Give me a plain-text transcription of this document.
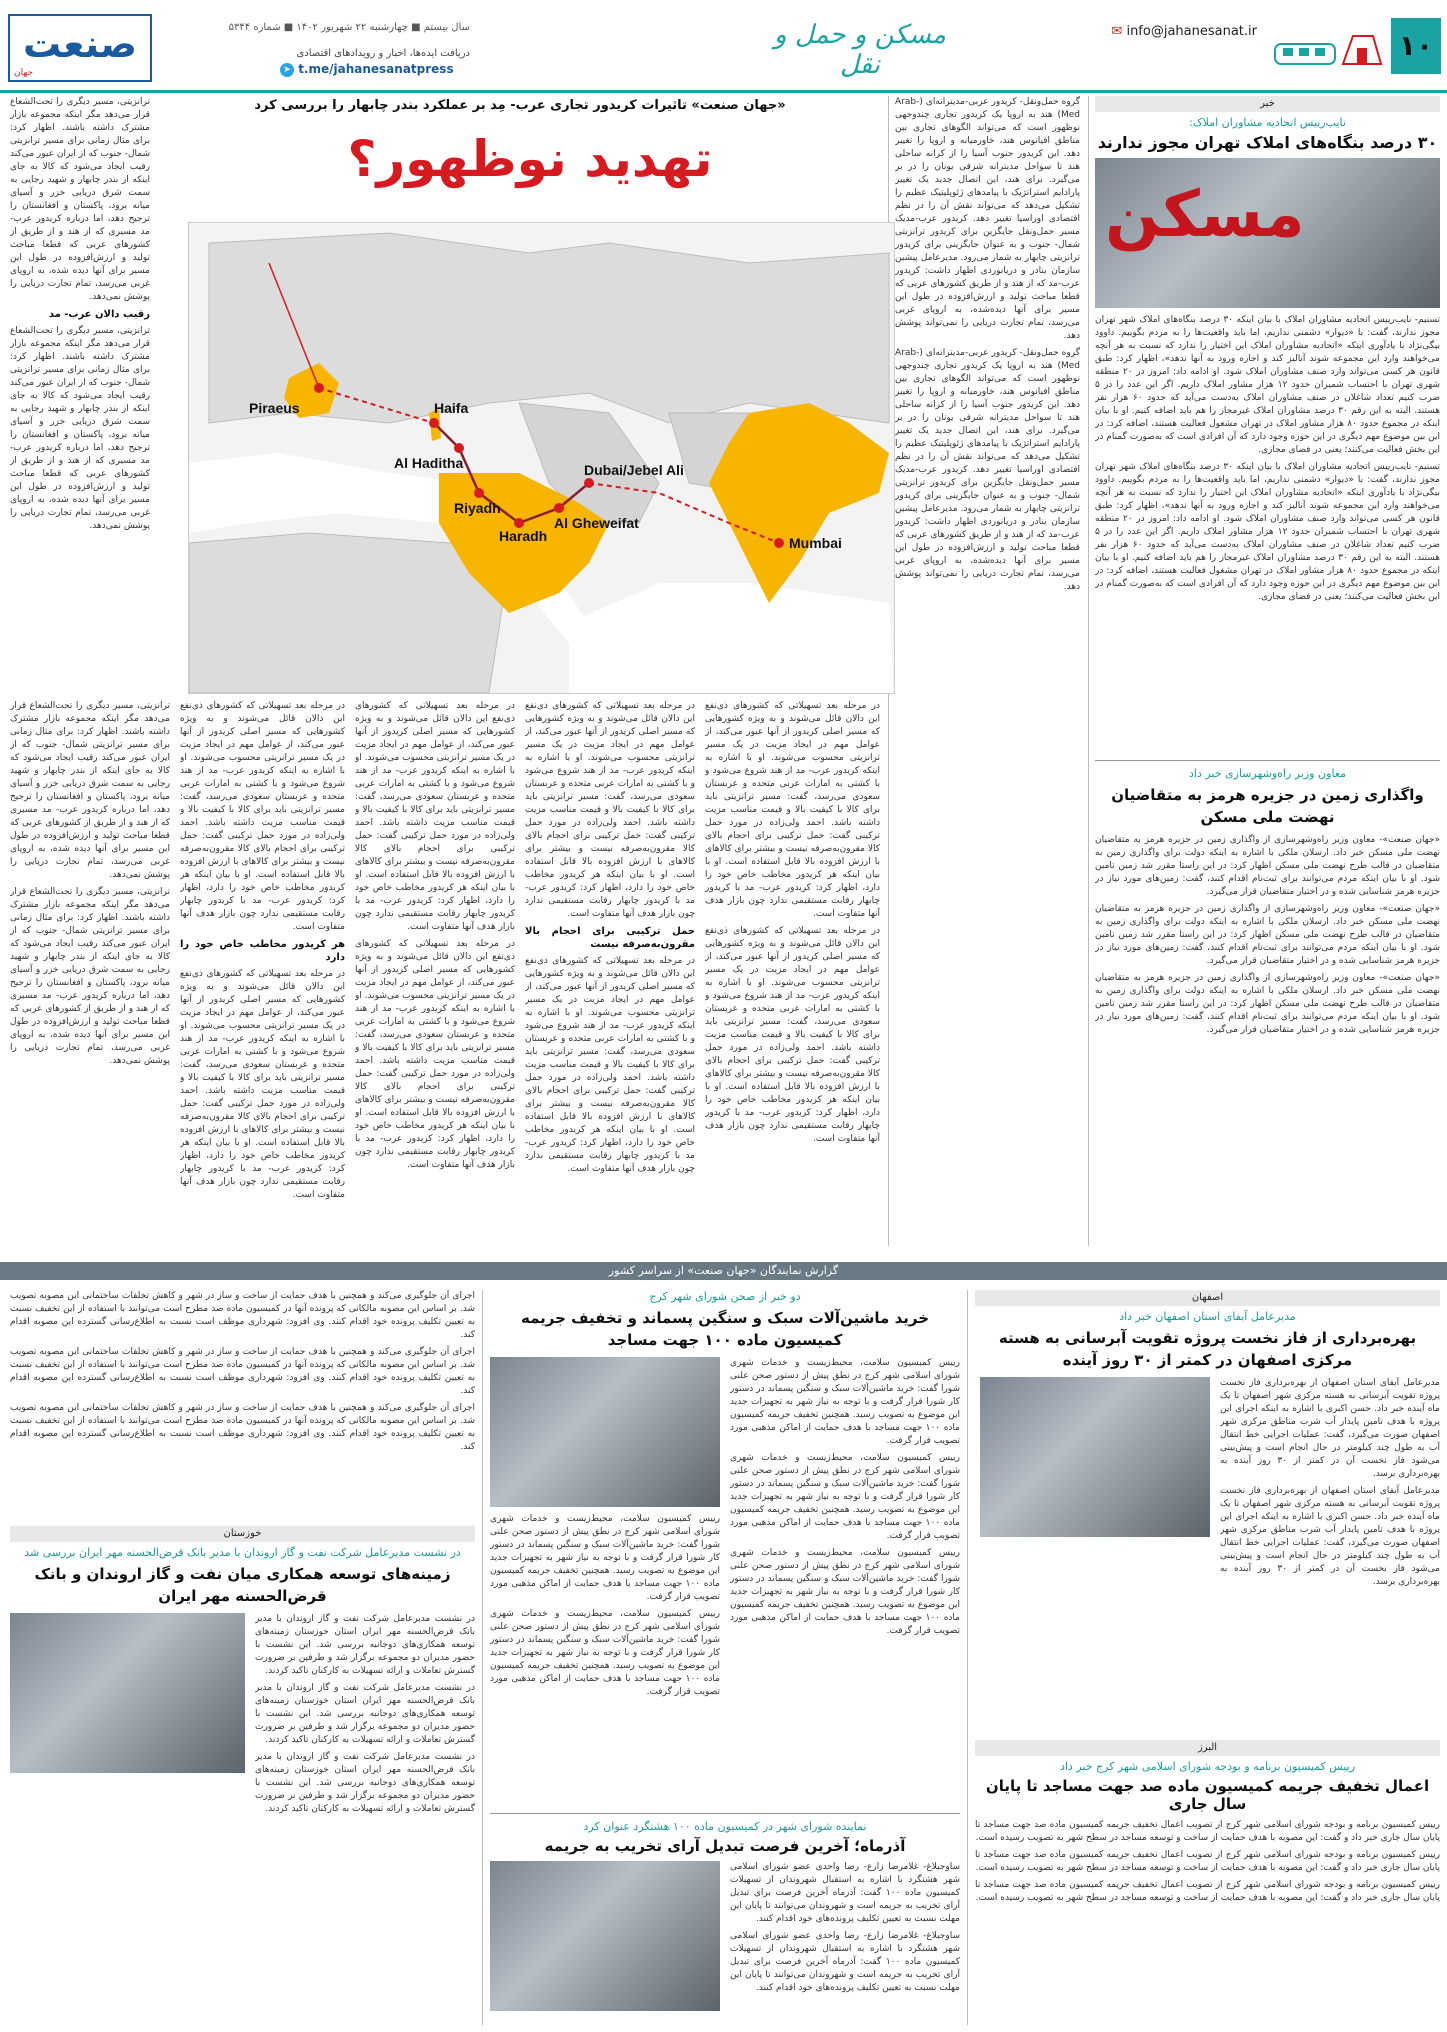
۱۰
✉ info@jahanesanat.ir
مسکن و حمل و نقل
صنعت
جهان
سال بیستم ■ چهارشنبه ۲۲ شهریور ۱۴۰۲ ■ شماره ۵۳۴۴
دریافت ایده‌ها، اخبار و رویدادهای اقتصادی
➤ t.me/jahanesanatpress
خبر
نایب‌رییس اتحادیه مشاوران املاک:
۳۰ درصد بنگاه‌های املاک تهران مجوز ندارند
مسکن

تسنیم- نایب‌رییس اتحادیه مشاوران املاک با بیان اینکه ۳۰ درصد بنگاه‌های املاک شهر تهران مجوز ندارند، گفت: با «دیوار» دشمنی نداریم، اما باید واقعیت‌ها را به مردم بگوییم. داوود بیگی‌نژاد با یادآوری اینکه «اتحادیه مشاوران املاک این اختیار را ندارد که نسبت به هر آنچه می‌خواهند وارد این مجموعه شوند آنالیز کند و اجازه ورود به آنها ندهد»، اظهار کرد: طبق قانون هر کسی می‌تواند وارد صنف مشاوران املاک شود. او ادامه داد: امروز در ۲۰ منطقه شهری تهران با احتساب شمیران حدود ۱۲ هزار مشاور املاک داریم. اگر این عدد را در ۵ ضرب کنیم تعداد شاغلان در صنف مشاوران املاک به‌دست می‌آید که حدود ۶۰ هزار نفر هستند. البته به این رقم ۳۰ درصد مشاوران املاک غیرمجاز را هم باید اضافه کنیم. او با بیان اینکه در مجموع حدود ۸۰ هزار مشاور املاک در تهران مشغول فعالیت هستند، اضافه کرد: در این بین موضوع مهم دیگری در این حوزه وجود دارد که آن افرادی است که به‌صورت گمنام در این بخش فعالیت می‌کنند؛ یعنی در فضای مجازی.

تسنیم- نایب‌رییس اتحادیه مشاوران املاک با بیان اینکه ۳۰ درصد بنگاه‌های املاک شهر تهران مجوز ندارند، گفت: با «دیوار» دشمنی نداریم، اما باید واقعیت‌ها را به مردم بگوییم. داوود بیگی‌نژاد با یادآوری اینکه «اتحادیه مشاوران املاک این اختیار را ندارد که نسبت به هر آنچه می‌خواهند وارد این مجموعه شوند آنالیز کند و اجازه ورود به آنها ندهد»، اظهار کرد: طبق قانون هر کسی می‌تواند وارد صنف مشاوران املاک شود. او ادامه داد: امروز در ۲۰ منطقه شهری تهران با احتساب شمیران حدود ۱۲ هزار مشاور املاک داریم. اگر این عدد را در ۵ ضرب کنیم تعداد شاغلان در صنف مشاوران املاک به‌دست می‌آید که حدود ۶۰ هزار نفر هستند. البته به این رقم ۳۰ درصد مشاوران املاک غیرمجاز را هم باید اضافه کنیم. او با بیان اینکه در مجموع حدود ۸۰ هزار مشاور املاک در تهران مشغول فعالیت هستند، اضافه کرد: در این بین موضوع مهم دیگری در این حوزه وجود دارد که آن افرادی است که به‌صورت گمنام در این بخش فعالیت می‌کنند؛ یعنی در فضای مجازی.

معاون وزیر راه‌وشهرسازی خبر داد
واگذاری زمین در جزیره هرمز به متقاضیان نهضت ملی مسکن

«جهان صنعت»- معاون وزیر راه‌وشهرسازی از واگذاری زمین در جزیره هرمز به متقاضیان نهضت ملی مسکن خبر داد. ارسلان ملکی با اشاره به اینکه دولت برای واگذاری زمین به متقاضیان در قالب طرح نهضت ملی مسکن اظهار کرد: در این راستا مقرر شد زمین تامین شود. او با بیان اینکه مردم می‌توانند برای ثبت‌نام اقدام کنند، گفت: زمین‌های مورد نیاز در جزیره هرمز شناسایی شده و در اختیار متقاضیان قرار می‌گیرد.

«جهان صنعت»- معاون وزیر راه‌وشهرسازی از واگذاری زمین در جزیره هرمز به متقاضیان نهضت ملی مسکن خبر داد. ارسلان ملکی با اشاره به اینکه دولت برای واگذاری زمین به متقاضیان در قالب طرح نهضت ملی مسکن اظهار کرد: در این راستا مقرر شد زمین تامین شود. او با بیان اینکه مردم می‌توانند برای ثبت‌نام اقدام کنند، گفت: زمین‌های مورد نیاز در جزیره هرمز شناسایی شده و در اختیار متقاضیان قرار می‌گیرد.

«جهان صنعت»- معاون وزیر راه‌وشهرسازی از واگذاری زمین در جزیره هرمز به متقاضیان نهضت ملی مسکن خبر داد. ارسلان ملکی با اشاره به اینکه دولت برای واگذاری زمین به متقاضیان در قالب طرح نهضت ملی مسکن اظهار کرد: در این راستا مقرر شد زمین تامین شود. او با بیان اینکه مردم می‌توانند برای ثبت‌نام اقدام کنند، گفت: زمین‌های مورد نیاز در جزیره هرمز شناسایی شده و در اختیار متقاضیان قرار می‌گیرد.

«جهان صنعت» تاثیرات کریدور تجاری عرب- مِد بر عملکرد بندر چابهار را بررسی کرد
تهدید نوظهور؟

گروه حمل‌ونقل- کریدور عربی-مدیترانه‌ای (Arab-Med) هند به اروپا یک کریدور تجاری چندوجهی نوظهور است که می‌تواند الگوهای تجاری بین مناطق اقیانوس هند، خاورمیانه و اروپا را تغییر دهد. این کریدور جنوب آسیا را از کرانه ساحلی هند تا سواحل مدیترانه شرقی یونان را در بر می‌گیرد. برای هند، این اتصال جدید یک تغییر پارادایم استراتژیک با پیامدهای ژئوپلیتیک عظیم را تشکیل می‌دهد که می‌تواند نقش آن را در نظم اقتصادی اوراسیا تغییر دهد. کریدور عرب-مدیک مسیر حمل‌ونقل جایگزین برای کریدور ترانزیتی شمال- جنوب و به عنوان جایگزینی برای کریدور ترانزیتی چابهار به شمار می‌رود. مدیرعامل پیشین سازمان بنادر و دریانوردی اظهار داشت: کریدور عرب-مد که از هند و از طریق کشورهای عربی که قطعا مباحث تولید و ارزش‌افزوده در طول این مسیر برای آنها دیده‌شده، به اروپای غربی می‌رسد، تمام تجارت دریایی را نمی‌تواند پوشش دهد.

گروه حمل‌ونقل- کریدور عربی-مدیترانه‌ای (Arab-Med) هند به اروپا یک کریدور تجاری چندوجهی نوظهور است که می‌تواند الگوهای تجاری بین مناطق اقیانوس هند، خاورمیانه و اروپا را تغییر دهد. این کریدور جنوب آسیا را از کرانه ساحلی هند تا سواحل مدیترانه شرقی یونان را در بر می‌گیرد. برای هند، این اتصال جدید یک تغییر پارادایم استراتژیک با پیامدهای ژئوپلیتیک عظیم را تشکیل می‌دهد که می‌تواند نقش آن را در نظم اقتصادی اوراسیا تغییر دهد. کریدور عرب-مدیک مسیر حمل‌ونقل جایگزین برای کریدور ترانزیتی شمال- جنوب و به عنوان جایگزینی برای کریدور ترانزیتی چابهار به شمار می‌رود. مدیرعامل پیشین سازمان بنادر و دریانوردی اظهار داشت: کریدور عرب-مد که از هند و از طریق کشورهای عربی که قطعا مباحث تولید و ارزش‌افزوده در طول این مسیر برای آنها دیده‌شده، به اروپای غربی می‌رسد، تمام تجارت دریایی را نمی‌تواند پوشش دهد.

ترانزیتی، مسیر دیگری را تحت‌الشعاع قرار می‌دهد مگر اینکه مجموعه بازار مشترک داشته باشند. اظهار کرد: برای مثال زمانی برای مسیر ترانزیتی شمال- جنوب که از ایران عبور می‌کند رقیب ایجاد می‌شود که کالا به جای اینکه از بندر چابهار و شهید رجایی به سمت شرق دریایی خزر و آسیای میانه برود، پاکستان و افغانستان را ترجیح دهد، اما درباره کریدور عرب- مد مسیری که از هند و از طریق از کشورهای عربی که قطعا مباحث تولید و ارزش‌افزوده در طول این مسیر برای آنها دیده شده، به اروپای غربی می‌رسد، تمام تجارت دریایی را پوشش نمی‌دهد.

رقیب دالان عرب- مد

ترانزیتی، مسیر دیگری را تحت‌الشعاع قرار می‌دهد مگر اینکه مجموعه بازار مشترک داشته باشند. اظهار کرد: برای مثال زمانی برای مسیر ترانزیتی شمال- جنوب که از ایران عبور می‌کند رقیب ایجاد می‌شود که کالا به جای اینکه از بندر چابهار و شهید رجایی به سمت شرق دریایی خزر و آسیای میانه برود، پاکستان و افغانستان را ترجیح دهد، اما درباره کریدور عرب- مد مسیری که از هند و از طریق از کشورهای عربی که قطعا مباحث تولید و ارزش‌افزوده در طول این مسیر برای آنها دیده شده، به اروپای غربی می‌رسد، تمام تجارت دریایی را پوشش نمی‌دهد.

Piraeus	Haifa
Al Haditha
Riyadh
Haradh
Al Gheweifat
Dubai/Jebel Ali
Mumbai

در مرحله بعد تسهیلاتی که کشورهای ذی‌نفع این دالان قائل می‌شوند و به ویژه کشورهایی که مسیر اصلی کریدور از آنها عبور می‌کند، از عوامل مهم در ایجاد مزیت در یک مسیر ترانزیتی محسوب می‌شوند. او با اشاره به اینکه کریدور عرب- مد از هند شروع می‌شود و با کشتی به امارات عربی متحده و عربستان سعودی می‌رسد، گفت: مسیر ترانزیتی باید برای کالا با کیفیت بالا و قیمت مناسب مزیت داشته باشد. احمد ولی‌زاده در مورد حمل ترکیبی گفت: حمل ترکیبی برای احجام بالای کالا مقرون‌به‌صرفه نیست و بیشتر برای کالاهای با ارزش افزوده بالا قابل استفاده است. او با بیان اینکه هر کریدور مخاطب خاص خود را دارد، اظهار کرد: کریدور عرب- مد با کریدور چابهار رقابت مستقیمی ندارد چون بازار هدف آنها متفاوت است.

در مرحله بعد تسهیلاتی که کشورهای ذی‌نفع این دالان قائل می‌شوند و به ویژه کشورهایی که مسیر اصلی کریدور از آنها عبور می‌کند، از عوامل مهم در ایجاد مزیت در یک مسیر ترانزیتی محسوب می‌شوند. او با اشاره به اینکه کریدور عرب- مد از هند شروع می‌شود و با کشتی به امارات عربی متحده و عربستان سعودی می‌رسد، گفت: مسیر ترانزیتی باید برای کالا با کیفیت بالا و قیمت مناسب مزیت داشته باشد. احمد ولی‌زاده در مورد حمل ترکیبی گفت: حمل ترکیبی برای احجام بالای کالا مقرون‌به‌صرفه نیست و بیشتر برای کالاهای با ارزش افزوده بالا قابل استفاده است. او با بیان اینکه هر کریدور مخاطب خاص خود را دارد، اظهار کرد: کریدور عرب- مد با کریدور چابهار رقابت مستقیمی ندارد چون بازار هدف آنها متفاوت است.

در مرحله بعد تسهیلاتی که کشورهای ذی‌نفع این دالان قائل می‌شوند و به ویژه کشورهایی که مسیر اصلی کریدور از آنها عبور می‌کند، از عوامل مهم در ایجاد مزیت در یک مسیر ترانزیتی محسوب می‌شوند. او با اشاره به اینکه کریدور عرب- مد از هند شروع می‌شود و با کشتی به امارات عربی متحده و عربستان سعودی می‌رسد، گفت: مسیر ترانزیتی باید برای کالا با کیفیت بالا و قیمت مناسب مزیت داشته باشد. احمد ولی‌زاده در مورد حمل ترکیبی گفت: حمل ترکیبی برای احجام بالای کالا مقرون‌به‌صرفه نیست و بیشتر برای کالاهای با ارزش افزوده بالا قابل استفاده است. او با بیان اینکه هر کریدور مخاطب خاص خود را دارد، اظهار کرد: کریدور عرب- مد با کریدور چابهار رقابت مستقیمی ندارد چون بازار هدف آنها متفاوت است.

حمل ترکیبی برای احجام بالا مقرون‌به‌صرفه نیست

در مرحله بعد تسهیلاتی که کشورهای ذی‌نفع این دالان قائل می‌شوند و به ویژه کشورهایی که مسیر اصلی کریدور از آنها عبور می‌کند، از عوامل مهم در ایجاد مزیت در یک مسیر ترانزیتی محسوب می‌شوند. او با اشاره به اینکه کریدور عرب- مد از هند شروع می‌شود و با کشتی به امارات عربی متحده و عربستان سعودی می‌رسد، گفت: مسیر ترانزیتی باید برای کالا با کیفیت بالا و قیمت مناسب مزیت داشته باشد. احمد ولی‌زاده در مورد حمل ترکیبی گفت: حمل ترکیبی برای احجام بالای کالا مقرون‌به‌صرفه نیست و بیشتر برای کالاهای با ارزش افزوده بالا قابل استفاده است. او با بیان اینکه هر کریدور مخاطب خاص خود را دارد، اظهار کرد: کریدور عرب- مد با کریدور چابهار رقابت مستقیمی ندارد چون بازار هدف آنها متفاوت است.

در مرحله بعد تسهیلاتی که کشورهای ذی‌نفع این دالان قائل می‌شوند و به ویژه کشورهایی که مسیر اصلی کریدور از آنها عبور می‌کند، از عوامل مهم در ایجاد مزیت در یک مسیر ترانزیتی محسوب می‌شوند. او با اشاره به اینکه کریدور عرب- مد از هند شروع می‌شود و با کشتی به امارات عربی متحده و عربستان سعودی می‌رسد، گفت: مسیر ترانزیتی باید برای کالا با کیفیت بالا و قیمت مناسب مزیت داشته باشد. احمد ولی‌زاده در مورد حمل ترکیبی گفت: حمل ترکیبی برای احجام بالای کالا مقرون‌به‌صرفه نیست و بیشتر برای کالاهای با ارزش افزوده بالا قابل استفاده است. او با بیان اینکه هر کریدور مخاطب خاص خود را دارد، اظهار کرد: کریدور عرب- مد با کریدور چابهار رقابت مستقیمی ندارد چون بازار هدف آنها متفاوت است.

در مرحله بعد تسهیلاتی که کشورهای ذی‌نفع این دالان قائل می‌شوند و به ویژه کشورهایی که مسیر اصلی کریدور از آنها عبور می‌کند، از عوامل مهم در ایجاد مزیت در یک مسیر ترانزیتی محسوب می‌شوند. او با اشاره به اینکه کریدور عرب- مد از هند شروع می‌شود و با کشتی به امارات عربی متحده و عربستان سعودی می‌رسد، گفت: مسیر ترانزیتی باید برای کالا با کیفیت بالا و قیمت مناسب مزیت داشته باشد. احمد ولی‌زاده در مورد حمل ترکیبی گفت: حمل ترکیبی برای احجام بالای کالا مقرون‌به‌صرفه نیست و بیشتر برای کالاهای با ارزش افزوده بالا قابل استفاده است. او با بیان اینکه هر کریدور مخاطب خاص خود را دارد، اظهار کرد: کریدور عرب- مد با کریدور چابهار رقابت مستقیمی ندارد چون بازار هدف آنها متفاوت است.

در مرحله بعد تسهیلاتی که کشورهای ذی‌نفع این دالان قائل می‌شوند و به ویژه کشورهایی که مسیر اصلی کریدور از آنها عبور می‌کند، از عوامل مهم در ایجاد مزیت در یک مسیر ترانزیتی محسوب می‌شوند. او با اشاره به اینکه کریدور عرب- مد از هند شروع می‌شود و با کشتی به امارات عربی متحده و عربستان سعودی می‌رسد، گفت: مسیر ترانزیتی باید برای کالا با کیفیت بالا و قیمت مناسب مزیت داشته باشد. احمد ولی‌زاده در مورد حمل ترکیبی گفت: حمل ترکیبی برای احجام بالای کالا مقرون‌به‌صرفه نیست و بیشتر برای کالاهای با ارزش افزوده بالا قابل استفاده است. او با بیان اینکه هر کریدور مخاطب خاص خود را دارد، اظهار کرد: کریدور عرب- مد با کریدور چابهار رقابت مستقیمی ندارد چون بازار هدف آنها متفاوت است.

هر کریدور مخاطب خاص خود را دارد

در مرحله بعد تسهیلاتی که کشورهای ذی‌نفع این دالان قائل می‌شوند و به ویژه کشورهایی که مسیر اصلی کریدور از آنها عبور می‌کند، از عوامل مهم در ایجاد مزیت در یک مسیر ترانزیتی محسوب می‌شوند. او با اشاره به اینکه کریدور عرب- مد از هند شروع می‌شود و با کشتی به امارات عربی متحده و عربستان سعودی می‌رسد، گفت: مسیر ترانزیتی باید برای کالا با کیفیت بالا و قیمت مناسب مزیت داشته باشد. احمد ولی‌زاده در مورد حمل ترکیبی گفت: حمل ترکیبی برای احجام بالای کالا مقرون‌به‌صرفه نیست و بیشتر برای کالاهای با ارزش افزوده بالا قابل استفاده است. او با بیان اینکه هر کریدور مخاطب خاص خود را دارد، اظهار کرد: کریدور عرب- مد با کریدور چابهار رقابت مستقیمی ندارد چون بازار هدف آنها متفاوت است.

ترانزیتی، مسیر دیگری را تحت‌الشعاع قرار می‌دهد مگر اینکه مجموعه بازار مشترک داشته باشند. اظهار کرد: برای مثال زمانی برای مسیر ترانزیتی شمال- جنوب که از ایران عبور می‌کند رقیب ایجاد می‌شود که کالا به جای اینکه از بندر چابهار و شهید رجایی به سمت شرق دریایی خزر و آسیای میانه برود، پاکستان و افغانستان را ترجیح دهد، اما درباره کریدور عرب- مد مسیری که از هند و از طریق از کشورهای عربی که قطعا مباحث تولید و ارزش‌افزوده در طول این مسیر برای آنها دیده شده، به اروپای غربی می‌رسد، تمام تجارت دریایی را پوشش نمی‌دهد.

ترانزیتی، مسیر دیگری را تحت‌الشعاع قرار می‌دهد مگر اینکه مجموعه بازار مشترک داشته باشند. اظهار کرد: برای مثال زمانی برای مسیر ترانزیتی شمال- جنوب که از ایران عبور می‌کند رقیب ایجاد می‌شود که کالا به جای اینکه از بندر چابهار و شهید رجایی به سمت شرق دریایی خزر و آسیای میانه برود، پاکستان و افغانستان را ترجیح دهد، اما درباره کریدور عرب- مد مسیری که از هند و از طریق از کشورهای عربی که قطعا مباحث تولید و ارزش‌افزوده در طول این مسیر برای آنها دیده شده، به اروپای غربی می‌رسد، تمام تجارت دریایی را پوشش نمی‌دهد.

گزارش نمایندگان «جهان صنعت» از سراسر کشور
اصفهان
مدیرعامل آبفای استان اصفهان خبر داد
بهره‌برداری از فاز نخست پروژه تقویت آبرسانی به هسته مرکزی اصفهان در کمتر از ۳۰ روز آینده

مدیرعامل آبفای استان اصفهان از بهره‌برداری فاز نخست پروژه تقویت آبرسانی به هسته مرکزی شهر اصفهان تا یک ماه آینده خبر داد. حسن اکبری با اشاره به اینکه اجرای این پروژه با هدف تامین پایدار آب شرب مناطق مرکزی شهر اصفهان صورت می‌گیرد، گفت: عملیات اجرایی خط انتقال آب به طول چند کیلومتر در حال انجام است و پیش‌بینی می‌شود فاز نخست آن در کمتر از ۳۰ روز آینده به بهره‌برداری برسد.

مدیرعامل آبفای استان اصفهان از بهره‌برداری فاز نخست پروژه تقویت آبرسانی به هسته مرکزی شهر اصفهان تا یک ماه آینده خبر داد. حسن اکبری با اشاره به اینکه اجرای این پروژه با هدف تامین پایدار آب شرب مناطق مرکزی شهر اصفهان صورت می‌گیرد، گفت: عملیات اجرایی خط انتقال آب به طول چند کیلومتر در حال انجام است و پیش‌بینی می‌شود فاز نخست آن در کمتر از ۳۰ روز آینده به بهره‌برداری برسد.

البرز
رییس کمیسیون برنامه و بودجه شورای اسلامی شهر کرج خبر داد
اعمال تخفیف جریمه کمیسیون ماده صد جهت مساجد تا پایان سال جاری

رییس کمیسیون برنامه و بودجه شورای اسلامی شهر کرج از تصویب اعمال تخفیف جریمه کمیسیون ماده صد جهت مساجد تا پایان سال جاری خبر داد و گفت: این مصوبه با هدف حمایت از ساخت و توسعه مساجد در سطح شهر به تصویب رسیده است.

رییس کمیسیون برنامه و بودجه شورای اسلامی شهر کرج از تصویب اعمال تخفیف جریمه کمیسیون ماده صد جهت مساجد تا پایان سال جاری خبر داد و گفت: این مصوبه با هدف حمایت از ساخت و توسعه مساجد در سطح شهر به تصویب رسیده است.

رییس کمیسیون برنامه و بودجه شورای اسلامی شهر کرج از تصویب اعمال تخفیف جریمه کمیسیون ماده صد جهت مساجد تا پایان سال جاری خبر داد و گفت: این مصوبه با هدف حمایت از ساخت و توسعه مساجد در سطح شهر به تصویب رسیده است.

دو خبر از صحن شورای شهر کرج
خرید ماشین‌آلات سبک و سنگین پسماند و تخفیف جریمه کمیسیون ماده ۱۰۰ جهت مساجد

رییس کمیسیون سلامت، محیط‌زیست و خدمات شهری شورای اسلامی شهر کرج در نطق پیش از دستور صحن علنی شورا گفت: خرید ماشین‌آلات سبک و سنگین پسماند در دستور کار شورا قرار گرفت و با توجه به نیاز شهر به تجهیزات جدید این موضوع به تصویب رسید. همچنین تخفیف جریمه کمیسیون ماده ۱۰۰ جهت مساجد با هدف حمایت از اماکن مذهبی مورد تصویب قرار گرفت.

رییس کمیسیون سلامت، محیط‌زیست و خدمات شهری شورای اسلامی شهر کرج در نطق پیش از دستور صحن علنی شورا گفت: خرید ماشین‌آلات سبک و سنگین پسماند در دستور کار شورا قرار گرفت و با توجه به نیاز شهر به تجهیزات جدید این موضوع به تصویب رسید. همچنین تخفیف جریمه کمیسیون ماده ۱۰۰ جهت مساجد با هدف حمایت از اماکن مذهبی مورد تصویب قرار گرفت.

رییس کمیسیون سلامت، محیط‌زیست و خدمات شهری شورای اسلامی شهر کرج در نطق پیش از دستور صحن علنی شورا گفت: خرید ماشین‌آلات سبک و سنگین پسماند در دستور کار شورا قرار گرفت و با توجه به نیاز شهر به تجهیزات جدید این موضوع به تصویب رسید. همچنین تخفیف جریمه کمیسیون ماده ۱۰۰ جهت مساجد با هدف حمایت از اماکن مذهبی مورد تصویب قرار گرفت.

رییس کمیسیون سلامت، محیط‌زیست و خدمات شهری شورای اسلامی شهر کرج در نطق پیش از دستور صحن علنی شورا گفت: خرید ماشین‌آلات سبک و سنگین پسماند در دستور کار شورا قرار گرفت و با توجه به نیاز شهر به تجهیزات جدید این موضوع به تصویب رسید. همچنین تخفیف جریمه کمیسیون ماده ۱۰۰ جهت مساجد با هدف حمایت از اماکن مذهبی مورد تصویب قرار گرفت.

رییس کمیسیون سلامت، محیط‌زیست و خدمات شهری شورای اسلامی شهر کرج در نطق پیش از دستور صحن علنی شورا گفت: خرید ماشین‌آلات سبک و سنگین پسماند در دستور کار شورا قرار گرفت و با توجه به نیاز شهر به تجهیزات جدید این موضوع به تصویب رسید. همچنین تخفیف جریمه کمیسیون ماده ۱۰۰ جهت مساجد با هدف حمایت از اماکن مذهبی مورد تصویب قرار گرفت.

نماینده شورای شهر در کمیسیون ماده ۱۰۰ هشتگرد عنوان کرد
آذرماه؛ آخرین فرصت تبدیل آرای تخریب به جریمه

ساوجبلاغ- غلامرضا زارع- رضا واحدی عضو شورای اسلامی شهر هشتگرد با اشاره به استقبال شهروندان از تسهیلات کمیسیون ماده ۱۰۰ گفت: آذرماه آخرین فرصت برای تبدیل آرای تخریب به جریمه است و شهروندان می‌توانند تا پایان این مهلت نسبت به تعیین تکلیف پرونده‌های خود اقدام کنند.

ساوجبلاغ- غلامرضا زارع- رضا واحدی عضو شورای اسلامی شهر هشتگرد با اشاره به استقبال شهروندان از تسهیلات کمیسیون ماده ۱۰۰ گفت: آذرماه آخرین فرصت برای تبدیل آرای تخریب به جریمه است و شهروندان می‌توانند تا پایان این مهلت نسبت به تعیین تکلیف پرونده‌های خود اقدام کنند.

اجرای آن جلوگیری می‌کند و همچنین با هدف حمایت از ساخت و ساز در شهر و کاهش تخلفات ساختمانی این مصوبه تصویب شد. بر اساس این مصوبه مالکانی که پرونده آنها در کمیسیون ماده صد مطرح است می‌توانند با استفاده از این تخفیف نسبت به تعیین تکلیف پرونده خود اقدام کنند. وی افزود: شهرداری موظف است نسبت به اطلاع‌رسانی گسترده این مصوبه اقدام کند.

اجرای آن جلوگیری می‌کند و همچنین با هدف حمایت از ساخت و ساز در شهر و کاهش تخلفات ساختمانی این مصوبه تصویب شد. بر اساس این مصوبه مالکانی که پرونده آنها در کمیسیون ماده صد مطرح است می‌توانند با استفاده از این تخفیف نسبت به تعیین تکلیف پرونده خود اقدام کنند. وی افزود: شهرداری موظف است نسبت به اطلاع‌رسانی گسترده این مصوبه اقدام کند.

اجرای آن جلوگیری می‌کند و همچنین با هدف حمایت از ساخت و ساز در شهر و کاهش تخلفات ساختمانی این مصوبه تصویب شد. بر اساس این مصوبه مالکانی که پرونده آنها در کمیسیون ماده صد مطرح است می‌توانند با استفاده از این تخفیف نسبت به تعیین تکلیف پرونده خود اقدام کنند. وی افزود: شهرداری موظف است نسبت به اطلاع‌رسانی گسترده این مصوبه اقدام کند.

خوزستان
در نشست مدیرعامل شرکت نفت و گاز اروندان با مدیر بانک قرض‌الحسنه مهر ایران بررسی شد
زمینه‌های توسعه همکاری میان نفت و گاز اروندان و بانک قرض‌الحسنه مهر ایران

در نشست مدیرعامل شرکت نفت و گاز اروندان با مدیر بانک قرض‌الحسنه مهر ایران استان خوزستان زمینه‌های توسعه همکاری‌های دوجانبه بررسی شد. این نشست با حضور مدیران دو مجموعه برگزار شد و طرفین بر ضرورت گسترش تعاملات و ارائه تسهیلات به کارکنان تاکید کردند.

در نشست مدیرعامل شرکت نفت و گاز اروندان با مدیر بانک قرض‌الحسنه مهر ایران استان خوزستان زمینه‌های توسعه همکاری‌های دوجانبه بررسی شد. این نشست با حضور مدیران دو مجموعه برگزار شد و طرفین بر ضرورت گسترش تعاملات و ارائه تسهیلات به کارکنان تاکید کردند.

در نشست مدیرعامل شرکت نفت و گاز اروندان با مدیر بانک قرض‌الحسنه مهر ایران استان خوزستان زمینه‌های توسعه همکاری‌های دوجانبه بررسی شد. این نشست با حضور مدیران دو مجموعه برگزار شد و طرفین بر ضرورت گسترش تعاملات و ارائه تسهیلات به کارکنان تاکید کردند.
